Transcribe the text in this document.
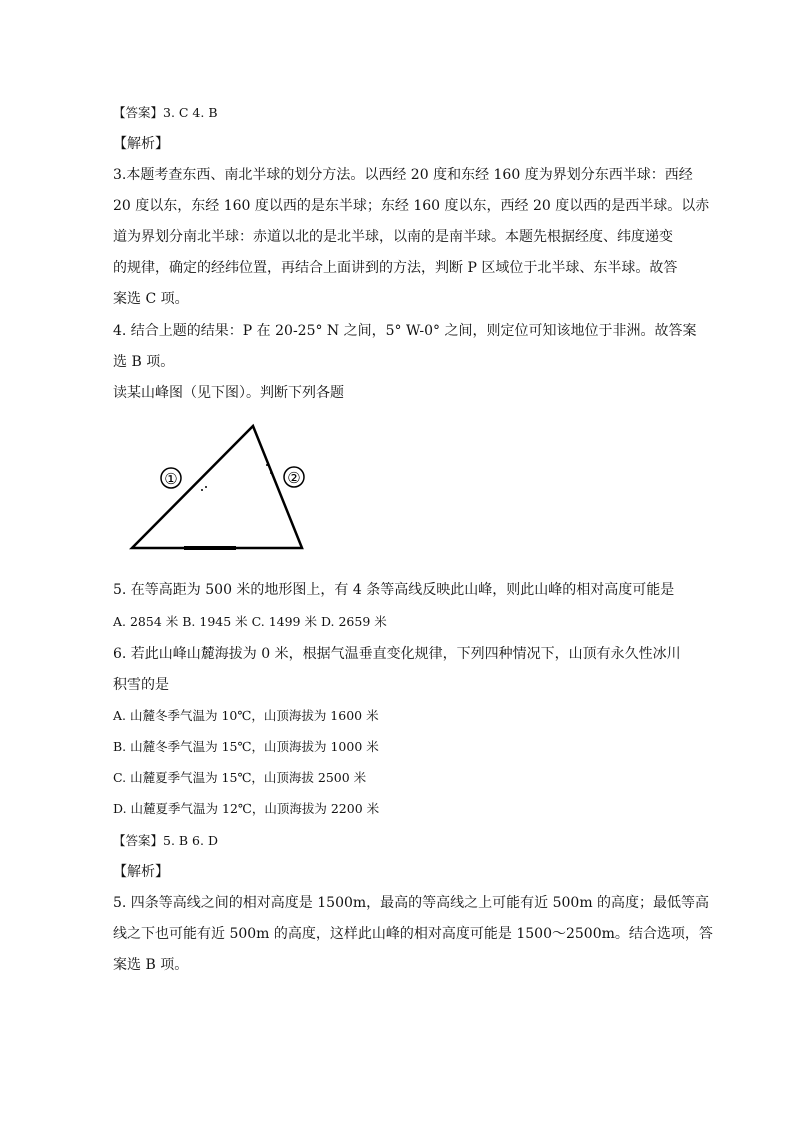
【答案】3. C 4. B
【解析】
3.本题考查东西、南北半球的划分方法。以西经 20 度和东经 160 度为界划分东西半球：西经
20 度以东，东经 160 度以西的是东半球；东经 160 度以东，西经 20 度以西的是西半球。以赤
道为界划分南北半球：赤道以北的是北半球，以南的是南半球。本题先根据经度、纬度递变
的规律，确定的经纬位置，再结合上面讲到的方法，判断 P 区域位于北半球、东半球。故答
案选 C 项。
4. 结合上题的结果：P 在 20-25° N 之间，5° W-0° 之间，则定位可知该地位于非洲。故答案
选 B 项。
读某山峰图（见下图）。判断下列各题
①	②
5. 在等高距为 500 米的地形图上，有 4 条等高线反映此山峰，则此山峰的相对高度可能是
A. 2854 米 B. 1945 米 C. 1499 米 D. 2659 米
6. 若此山峰山麓海拔为 0 米，根据气温垂直变化规律，下列四种情况下，山顶有永久性冰川
积雪的是
A. 山麓冬季气温为 10℃，山顶海拔为 1600 米
B. 山麓冬季气温为 15℃，山顶海拔为 1000 米
C. 山麓夏季气温为 15℃，山顶海拔 2500 米
D. 山麓夏季气温为 12℃，山顶海拔为 2200 米
【答案】5. B 6. D
【解析】
5. 四条等高线之间的相对高度是 1500m，最高的等高线之上可能有近 500m 的高度；最低等高
线之下也可能有近 500m 的高度，这样此山峰的相对高度可能是 1500～2500m。结合选项，答
案选 B 项。
